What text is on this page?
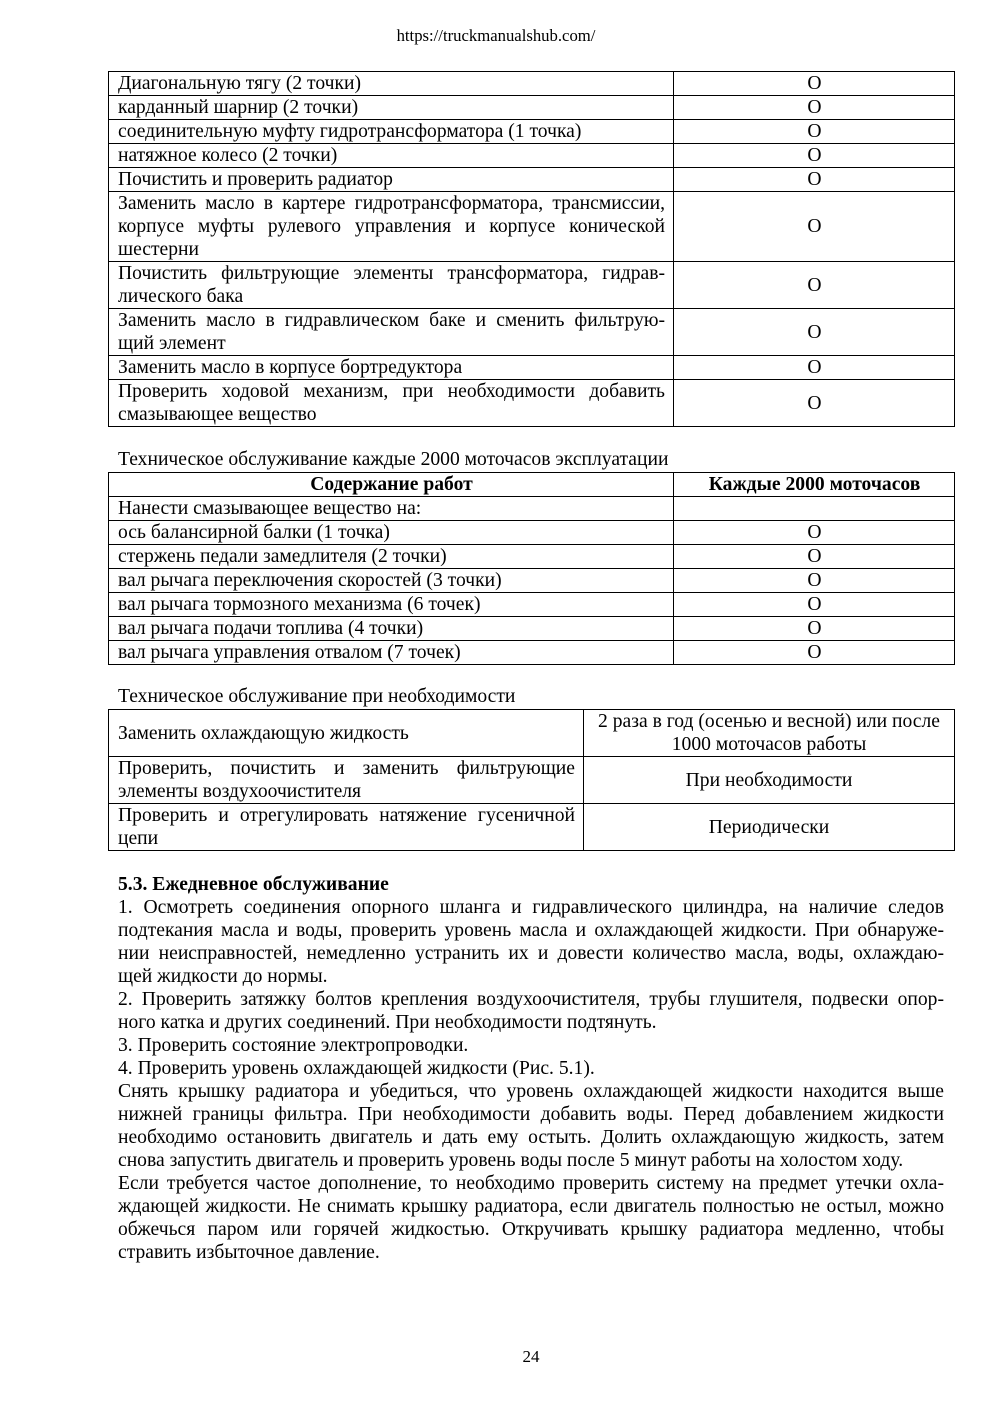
https://truckmanualshub.com/
Диагональную тягу (2 точки)	O

карданный шарнир (2 точки)	O

соединительную муфту гидротрансформатора (1 точка)	O

натяжное колесо (2 точки)	O

Почистить и проверить радиатор	O

Заменить масло в картере гидротрансформатора, трансмиссии,
корпусе муфты рулевого управления и корпусе конической
шестерни	O

Почистить фильтрующие элементы трансформатора, гидрав-
лического бака	O

Заменить масло в гидравлическом баке и сменить фильтрую-
щий элемент	O

Заменить масло в корпусе бортредуктора	O

Проверить ходовой механизм, при необходимости добавить
смазывающее вещество	O
Техническое обслуживание каждые 2000 моточасов эксплуатации
Содержание работ	Каждые 2000 моточасов

Нанести смазывающее вещество на:	

ось балансирной балки (1 точка)	O

стержень педали замедлителя (2 точки)	O

вал рычага переключения скоростей (3 точки)	O

вал рычага тормозного механизма (6 точек)	O

вал рычага подачи топлива (4 точки)	O

вал рычага управления отвалом (7 точек)	O
Техническое обслуживание при необходимости
Заменить охлаждающую жидкость	2 раза в год (осенью и весной) или после
1000 моточасов работы

Проверить, почистить и заменить фильтрующие
элементы воздухоочистителя	При необходимости

Проверить и отрегулировать натяжение гусеничной
цепи	Периодически
5.3. Ежедневное обслуживание
1. Осмотреть соединения опорного шланга и гидравлического цилиндра, на наличие следов
подтекания масла и воды, проверить уровень масла и охлаждающей жидкости. При обнаруже-
нии неисправностей, немедленно устранить их и довести количество масла, воды, охлаждаю-
щей жидкости до нормы.
2. Проверить затяжку болтов крепления воздухоочистителя, трубы глушителя, подвески опор-
ного катка и других соединений. При необходимости подтянуть.
3. Проверить состояние электропроводки.
4. Проверить уровень охлаждающей жидкости (Рис. 5.1).
Снять крышку радиатора и убедиться, что уровень охлаждающей жидкости находится выше
нижней границы фильтра. При необходимости добавить воды. Перед добавлением жидкости
необходимо остановить двигатель и дать ему остыть. Долить охлаждающую жидкость, затем
снова запустить двигатель и проверить уровень воды после 5 минут работы на холостом ходу.
Если требуется частое дополнение, то необходимо проверить систему на предмет утечки охла-
ждающей жидкости. Не снимать крышку радиатора, если двигатель полностью не остыл, можно
обжечься паром или горячей жидкостью. Откручивать крышку радиатора медленно, чтобы
стравить избыточное давление.
24
